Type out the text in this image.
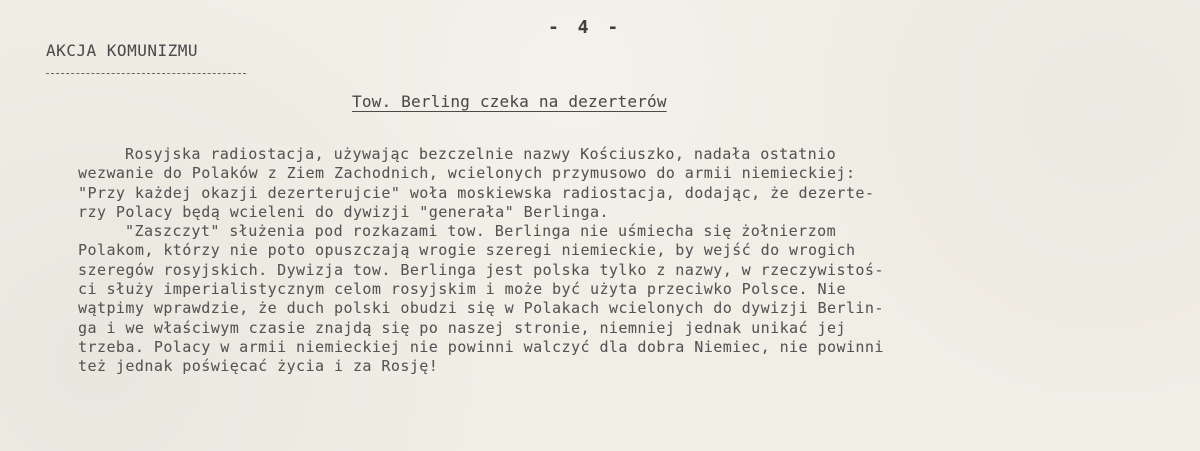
- 4 -
AKCJA KOMUNIZMU
Tow. Berling czeka na dezerterów
Rosyjska radiostacja, używając bezczelnie nazwy Kościuszko, nadała ostatnio
wezwanie do Polaków z Ziem Zachodnich, wcielonych przymusowo do armii niemieckiej:
"Przy każdej okazji dezerterujcie" woła moskiewska radiostacja, dodając, że dezerte-
rzy Polacy będą wcieleni do dywizji "generała" Berlinga.
"Zaszczyt" służenia pod rozkazami tow. Berlinga nie uśmiecha się żołnierzom
Polakom, którzy nie poto opuszczają wrogie szeregi niemieckie, by wejść do wrogich
szeregów rosyjskich. Dywizja tow. Berlinga jest polska tylko z nazwy, w rzeczywistoś-
ci służy imperialistycznym celom rosyjskim i może być użyta przeciwko Polsce. Nie
wątpimy wprawdzie, że duch polski obudzi się w Polakach wcielonych do dywizji Berlin-
ga i we właściwym czasie znajdą się po naszej stronie, niemniej jednak unikać jej
trzeba. Polacy w armii niemieckiej nie powinni walczyć dla dobra Niemiec, nie powinni
też jednak poświęcać życia i za Rosję!
